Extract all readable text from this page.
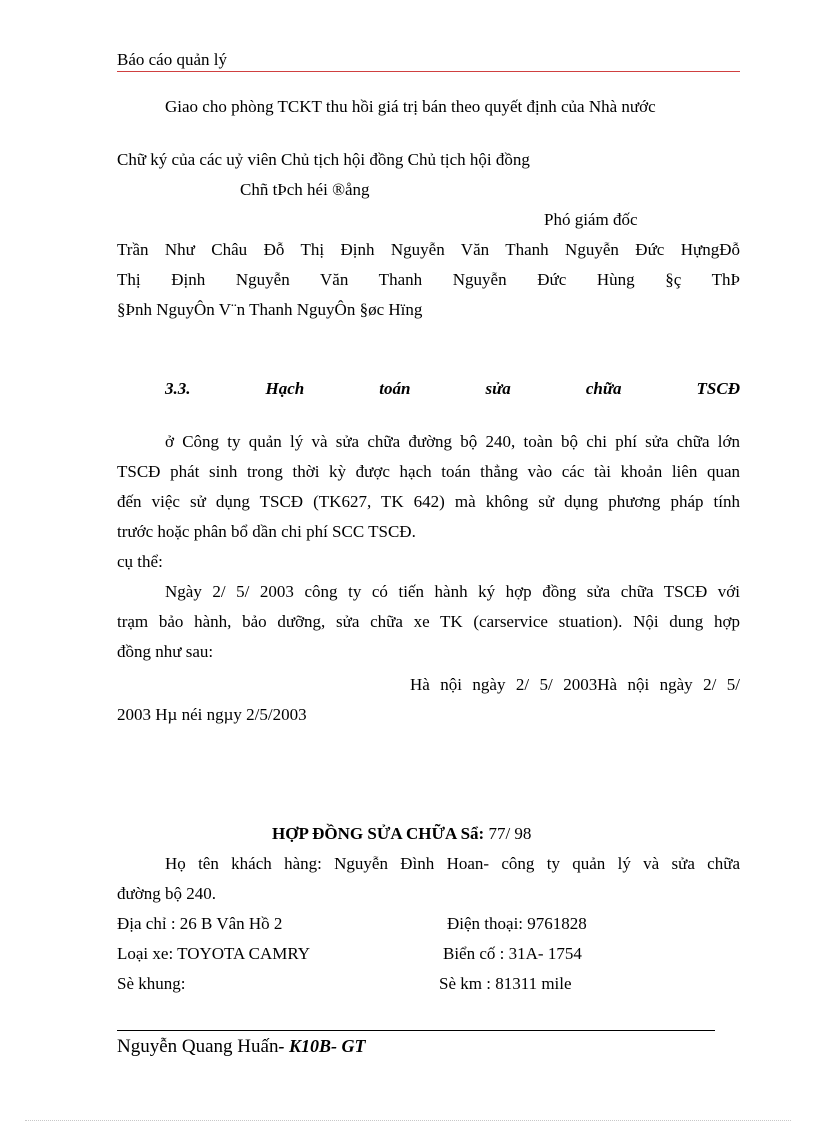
Báo cáo quản lý
Giao cho phòng TCKT thu hồi giá trị bán theo quyết định của Nhà nước
Chữ ký của các uỷ viên Chủ tịch hội đồng Chủ tịch hội đồng
Chñ tÞch héi ®ång
Phó giám đốc
Trần Như Châu Đỗ Thị Định Nguyễn Văn Thanh Nguyễn Đức HựngĐỗ
Thị Định Nguyễn Văn Thanh Nguyễn Đức Hùng §ç ThÞ
§Þnh NguyÔn V¨n Thanh NguyÔn §øc Hïng
3.3. Hạch toán sửa chữa TSCĐ
ở Công ty quản lý và sửa chữa đường bộ 240, toàn bộ chi phí sửa chữa lớn
TSCĐ phát sinh trong thời kỳ được hạch toán thẳng vào các tài khoản liên quan
đến việc sử dụng TSCĐ (TK627, TK 642) mà không sử dụng phương pháp tính
trước hoặc phân bổ dần chi phí SCC TSCĐ.
cụ thể:
Ngày 2/ 5/ 2003 công ty có tiến hành ký hợp đồng sửa chữa TSCĐ với
trạm bảo hành, bảo dưỡng, sửa chữa xe TK (carservice stuation). Nội dung hợp
đồng như sau:
Hà nội ngày 2/ 5/ 2003Hà nội ngày 2/ 5/
2003 Hµ néi ngµy 2/5/2003
HỢP ĐỒNG SỬA CHỮA Sẩ: 77/ 98
Họ tên khách hàng: Nguyễn Đình Hoan- công ty quản lý và sửa chữa
đường bộ 240.
Địa chỉ : 26 B Vân Hồ 2	Điện thoại: 9761828
Loại xe: TOYOTA CAMRY	Biển cố : 31A- 1754
Sè khung:	Sè km : 81311 mile
Nguyễn Quang Huấn- K10B- GT
